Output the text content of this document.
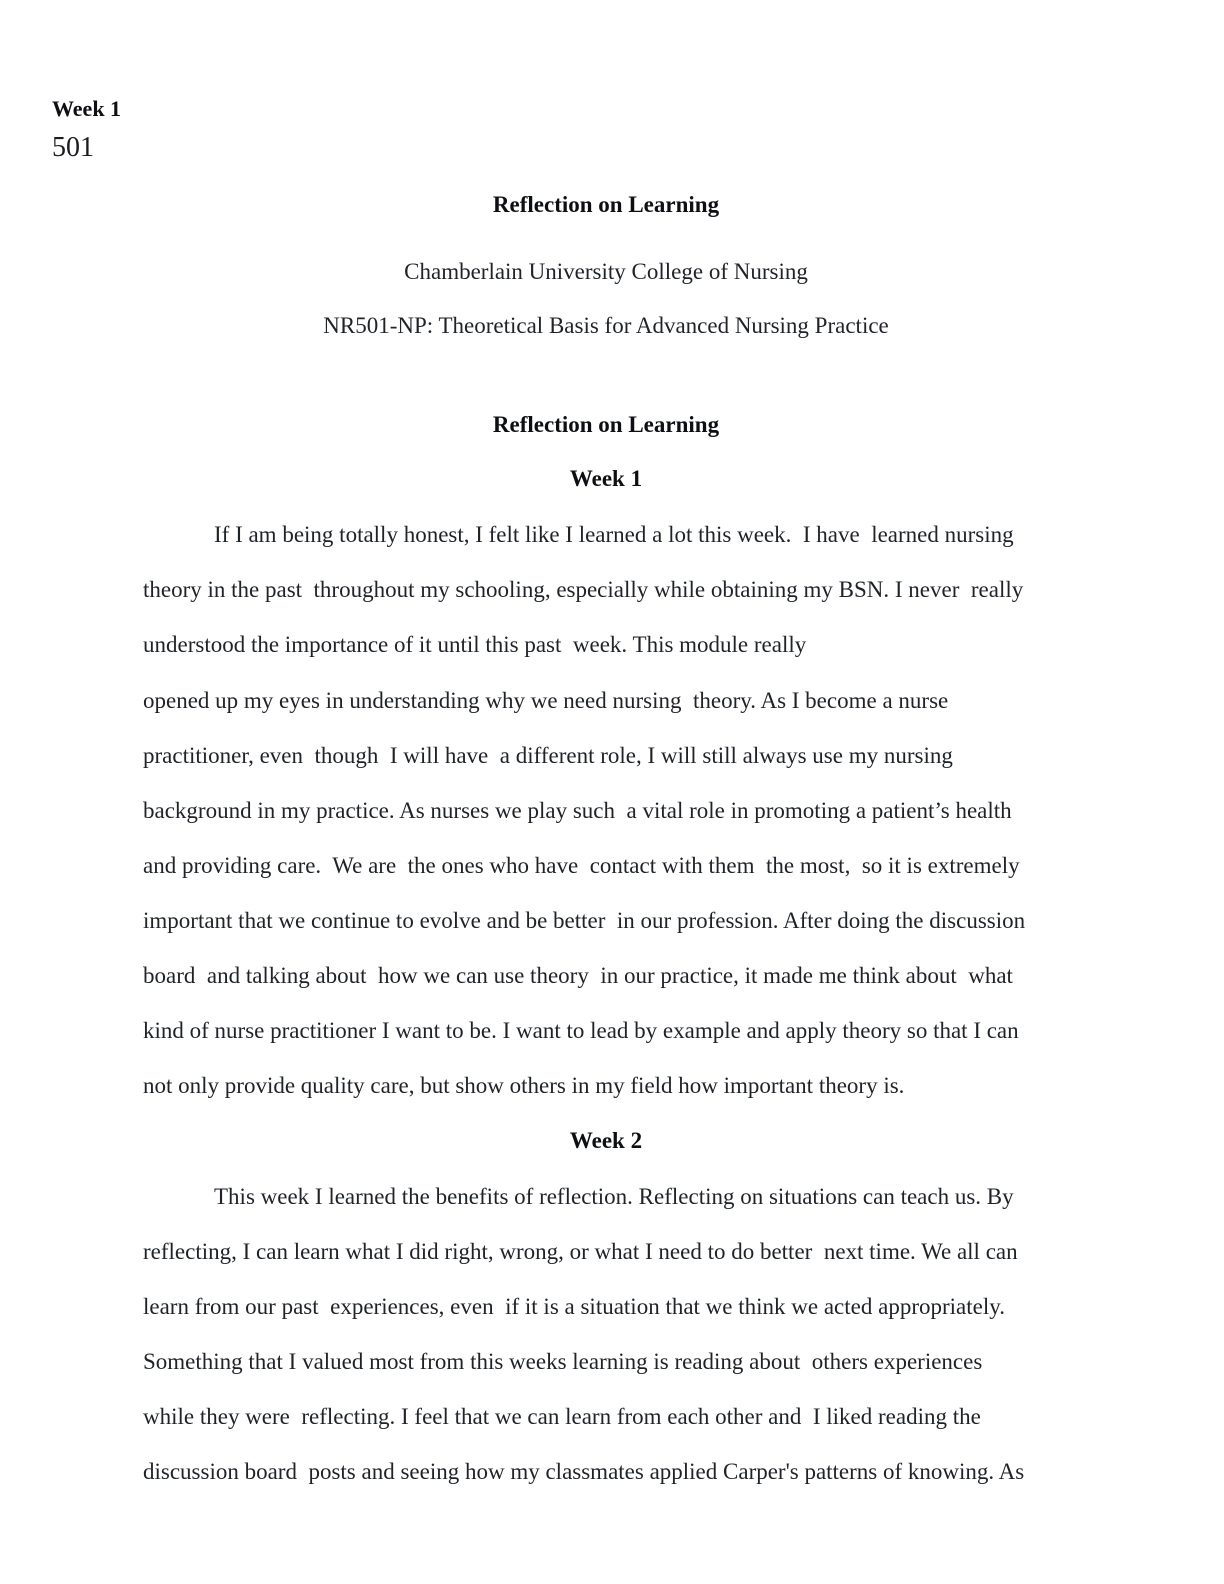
Week 1
501
Reflection on Learning
Chamberlain University College of Nursing
NR501-NP: Theoretical Basis for Advanced Nursing Practice
Reflection on Learning
Week 1
If I am being totally honest, I felt like I learned a lot this week.  I have  learned nursing
theory in the past  throughout my schooling, especially while obtaining my BSN. I never  really
understood the importance of it until this past  week. This module really
opened up my eyes in understanding why we need nursing  theory. As I become a nurse
practitioner, even  though  I will have  a different role, I will still always use my nursing
background in my practice. As nurses we play such  a vital role in promoting a patient’s health
and providing care.  We are  the ones who have  contact with them  the most,  so it is extremely
important that we continue to evolve and be better  in our profession. After doing the discussion
board  and talking about  how we can use theory  in our practice, it made me think about  what
kind of nurse practitioner I want to be. I want to lead by example and apply theory so that I can
not only provide quality care, but show others in my field how important theory is.
Week 2
This week I learned the benefits of reflection. Reflecting on situations can teach us. By
reflecting, I can learn what I did right, wrong, or what I need to do better  next time. We all can
learn from our past  experiences, even  if it is a situation that we think we acted appropriately.
Something that I valued most from this weeks learning is reading about  others experiences
while they were  reflecting. I feel that we can learn from each other and  I liked reading the
discussion board  posts and seeing how my classmates applied Carper's patterns of knowing. As
